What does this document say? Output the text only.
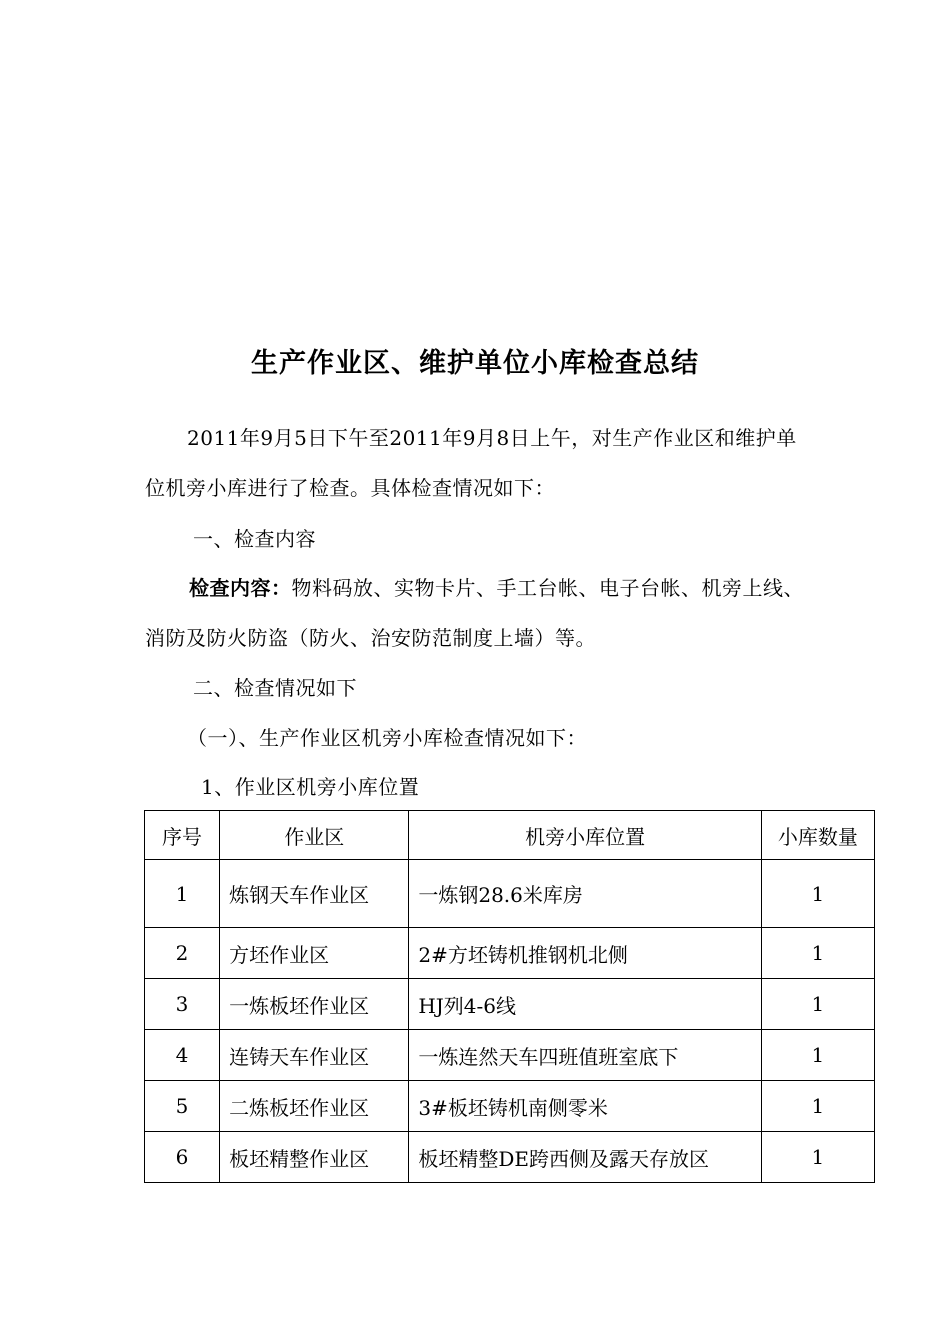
生产作业区、维护单位小库检查总结
2011年9月5日下午至2011年9月8日上午，对生产作业区和维护单位机旁小库进行了检查。具体检查情况如下：
一、检查内容
检查内容：物料码放、实物卡片、手工台帐、电子台帐、机旁上线、消防及防火防盗（防火、治安防范制度上墙）等。
二、检查情况如下
（一）、生产作业区机旁小库检查情况如下：
1、作业区机旁小库位置
序号	作业区	机旁小库位置	小库数量
1	炼钢天车作业区	一炼钢28.6米库房	1
2	方坯作业区	2#方坯铸机推钢机北侧	1
3	一炼板坯作业区	HJ列4-6线	1
4	连铸天车作业区	一炼连然天车四班值班室底下	1
5	二炼板坯作业区	3#板坯铸机南侧零米	1
6	板坯精整作业区	板坯精整DE跨西侧及露天存放区	1
